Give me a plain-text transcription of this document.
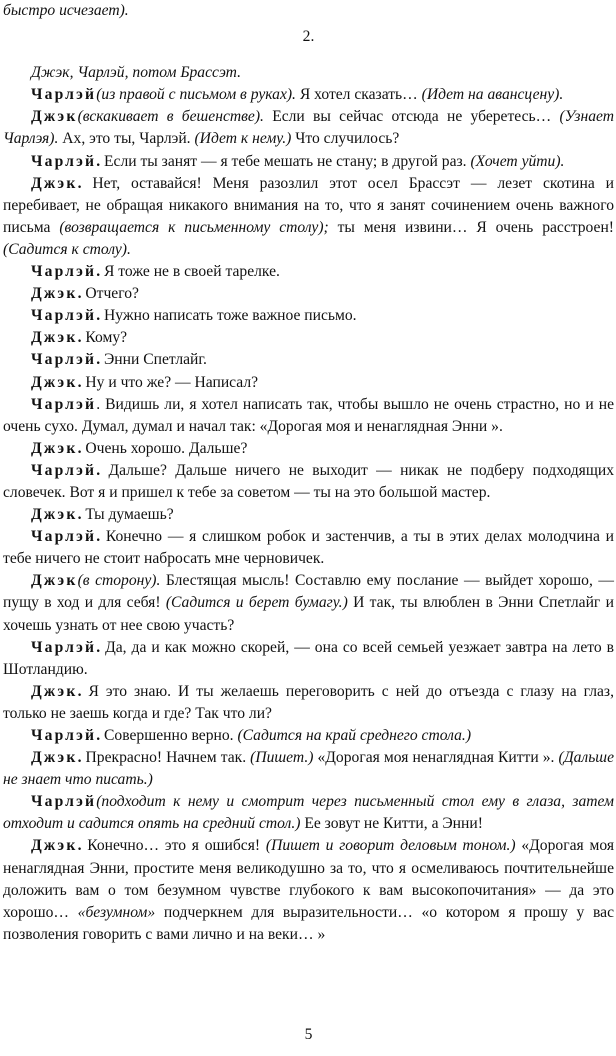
быстро исчезает).

2.

Джэк, Чарлэй, потом Брассэт.

Чарлэй(из правой с письмом в руках). Я хотел сказать… (Идет на авансцену).

Джэк(вскакивает в бешенстве). Если вы сейчас отсюда не уберетесь… (Узнает Чарлэя). Ах, это ты, Чарлэй. (Идет к нему.) Что случилось?

Чарлэй. Если ты занят — я тебе мешать не стану; в другой раз. (Хочет уйти).

Джэк. Нет, оставайся! Меня разозлил этот осел Брассэт — лезет скотина и перебивает, не обращая никакого внимания на то, что я занят сочинением очень важного письма (возвращается к письменному столу); ты меня извини… Я очень расстроен! (Садится к столу).

Чарлэй. Я тоже не в своей тарелке.

Джэк. Отчего?

Чарлэй. Нужно написать тоже важное письмо.

Джэк. Кому?

Чарлэй. Энни Спетлайг.

Джэк. Ну и что же? — Написал?

Чарлэй. Видишь ли, я хотел написать так, чтобы вышло не очень страстно, но и не очень сухо. Думал, думал и начал так: «Дорогая моя и ненаглядная Энни ».

Джэк. Очень хорошо. Дальше?

Чарлэй. Дальше? Дальше ничего не выходит — никак не подберу подходящих словечек. Вот я и пришел к тебе за советом — ты на это большой мастер.

Джэк. Ты думаешь?

Чарлэй. Конечно — я слишком робок и застенчив, а ты в этих делах молодчина и тебе ничего не стоит набросать мне черновичек.

Джэк(в сторону). Блестящая мысль! Составлю ему послание — выйдет хорошо, — пущу в ход и для себя! (Садится и берет бумагу.) И так, ты влюблен в Энни Спетлайг и хочешь узнать от нее свою участь?

Чарлэй. Да, да и как можно скорей, — она со всей семьей уезжает завтра на лето в Шотландию.

Джэк. Я это знаю. И ты желаешь переговорить с ней до отъезда с глазу на глаз, только не заешь когда и где? Так что ли?

Чарлэй. Совершенно верно. (Садится на край среднего стола.)

Джэк. Прекрасно! Начнем так. (Пишет.) «Дорогая моя ненаглядная Китти ». (Дальше не знает что писать.)

Чарлэй(подходит к нему и смотрит через письменный стол ему в глаза, затем отходит и садится опять на средний стол.) Ее зовут не Китти, а Энни!

Джэк. Конечно… это я ошибся! (Пишет и говорит деловым тоном.) «Дорогая моя ненаглядная Энни, простите меня великодушно за то, что я осмеливаюсь почтительнейше доложить вам о том безумном чувстве глубокого к вам высокопочитания» — да это хорошо… «безумном» подчеркнем для выразительности… «о котором я прошу у вас позволения говорить с вами лично и на веки… »

5
